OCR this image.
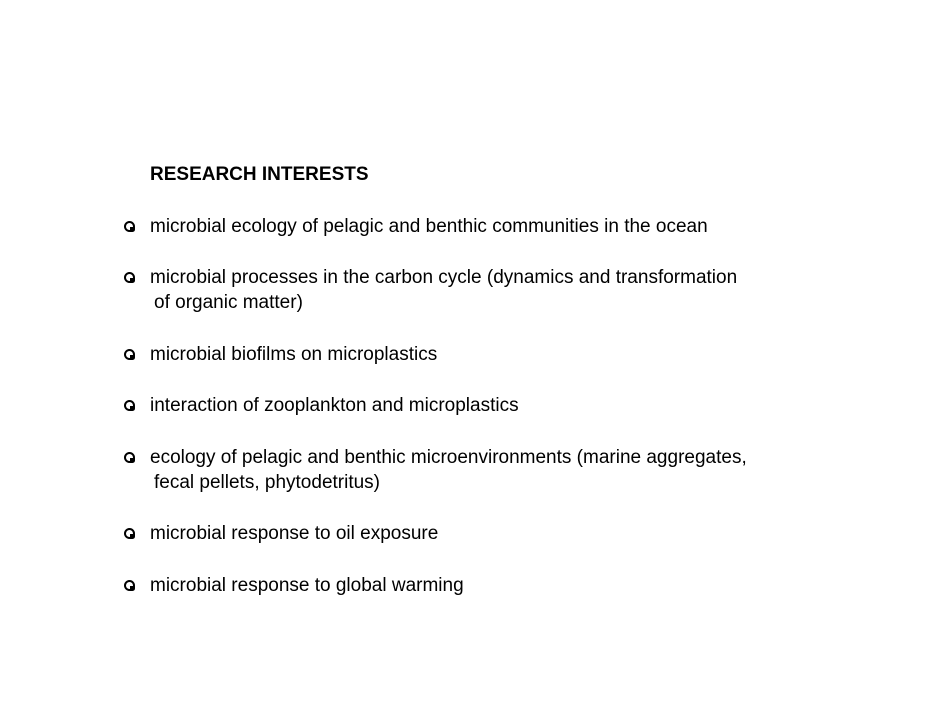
RESEARCH INTERESTS
microbial ecology of pelagic and benthic communities in the ocean
microbial processes in the carbon cycle (dynamics and transformation
of organic matter)
microbial biofilms on microplastics
interaction of zooplankton and microplastics
ecology of pelagic and benthic microenvironments (marine aggregates,
fecal pellets, phytodetritus)
microbial response to oil exposure
microbial response to global warming
